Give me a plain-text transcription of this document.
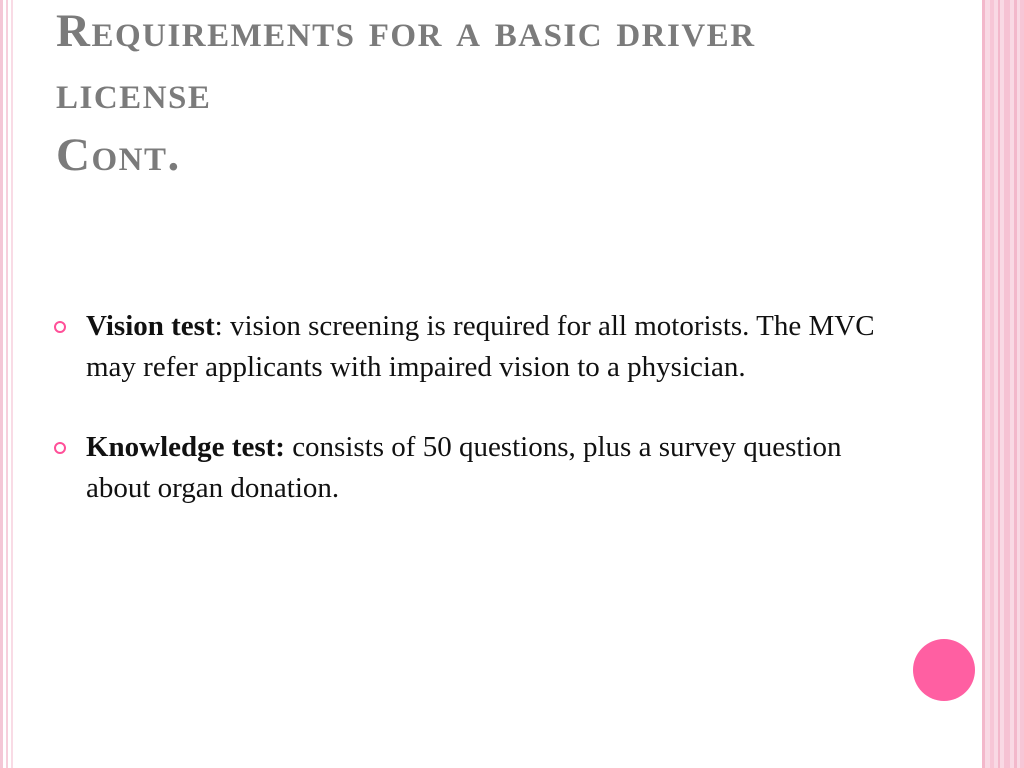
Requirements for a basic driver
license
Cont.
Vision test: vision screening is required for all motorists. The MVC may refer applicants with impaired vision to a physician.
Knowledge test: consists of 50 questions, plus a survey question about organ donation.
